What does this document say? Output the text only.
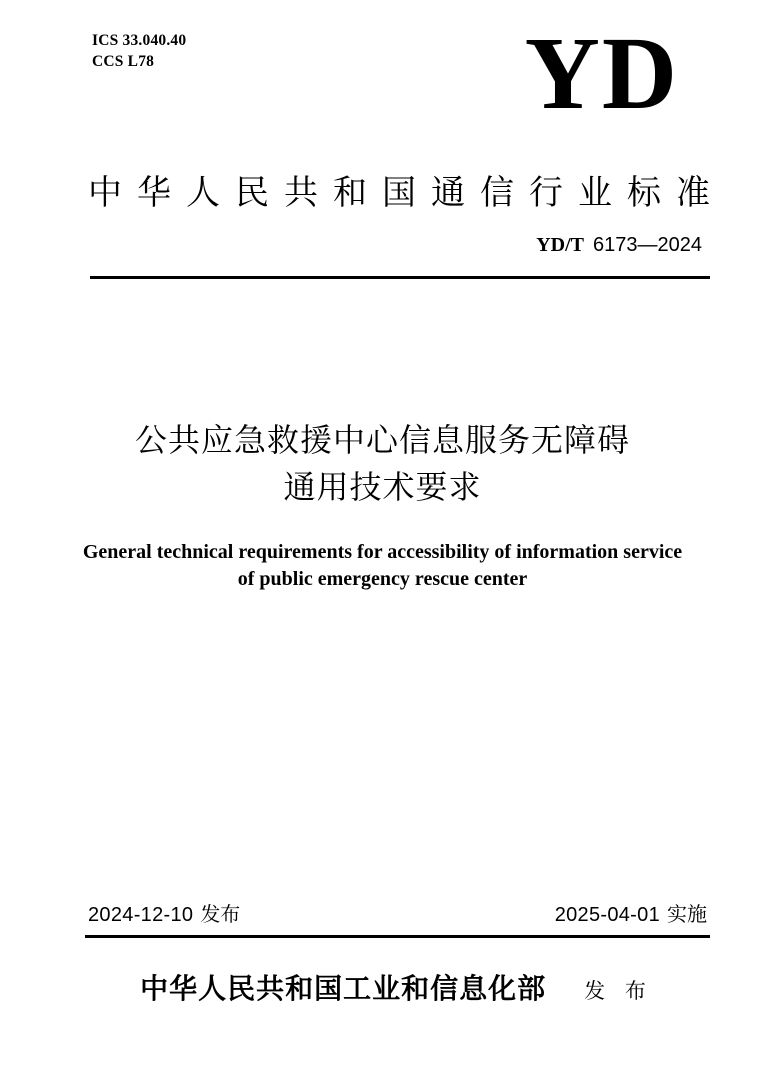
ICS 33.040.40
CCS L78	YD
中 华 人 民 共 和 国 通 信 行 业 标 准
YD/T 6173—2024
公共应急救援中心信息服务无障碍
通用技术要求
General technical requirements for accessibility of information service
of public emergency rescue center
2024-12-10 发布	2025-04-01 实施
中华人民共和国工业和信息化部 发 布
